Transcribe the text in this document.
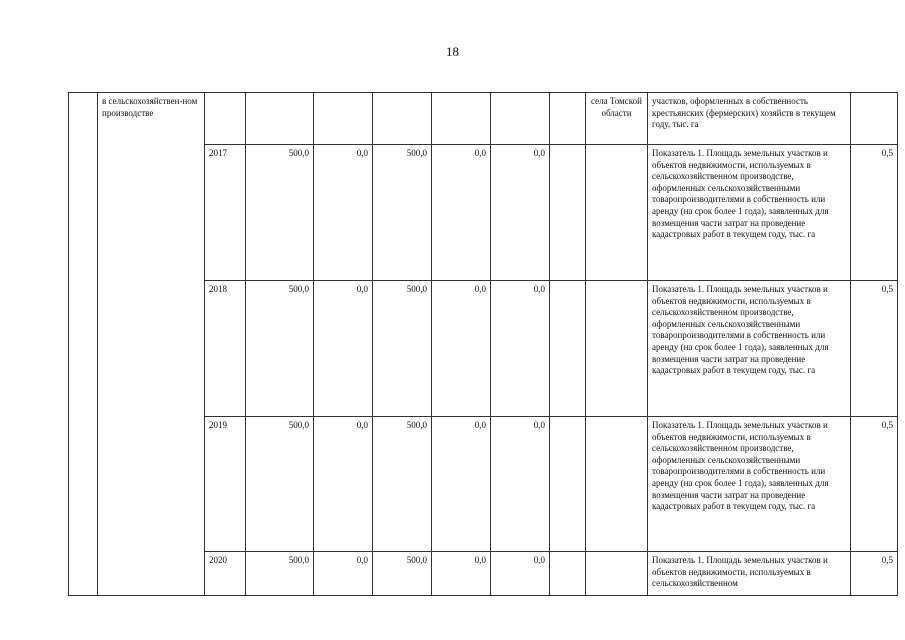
18
	в сельскохозяйствен-ном производстве								села Томской области	участков, оформленных в собственность крестьянских (фермерских) хозяйств в текущем году, тыс. га	
		2017	500,0	0,0	500,0	0,0	0,0			Показатель 1. Площадь земельных участков и объектов недвижимости, используемых в сельскохозяйственном производстве, оформленных сельскохозяйственными товаропроизводителями в собственность или аренду (на срок более 1 года), заявленных для возмещения части затрат на проведение кадастровых работ в текущем году, тыс. га	0,5
		2018	500,0	0,0	500,0	0,0	0,0			Показатель 1. Площадь земельных участков и объектов недвижимости, используемых в сельскохозяйственном производстве, оформленных сельскохозяйственными товаропроизводителями в собственность или аренду (на срок более 1 года), заявленных для возмещения части затрат на проведение кадастровых работ в текущем году, тыс. га	0,5
		2019	500,0	0,0	500,0	0,0	0,0			Показатель 1. Площадь земельных участков и объектов недвижимости, используемых в сельскохозяйственном производстве, оформленных сельскохозяйственными товаропроизводителями в собственность или аренду (на срок более 1 года), заявленных для возмещения части затрат на проведение кадастровых работ в текущем году, тыс. га	0,5
		2020	500,0	0,0	500,0	0,0	0,0			Показатель 1. Площадь земельных участков и объектов недвижимости, используемых в сельскохозяйственном	0,5
